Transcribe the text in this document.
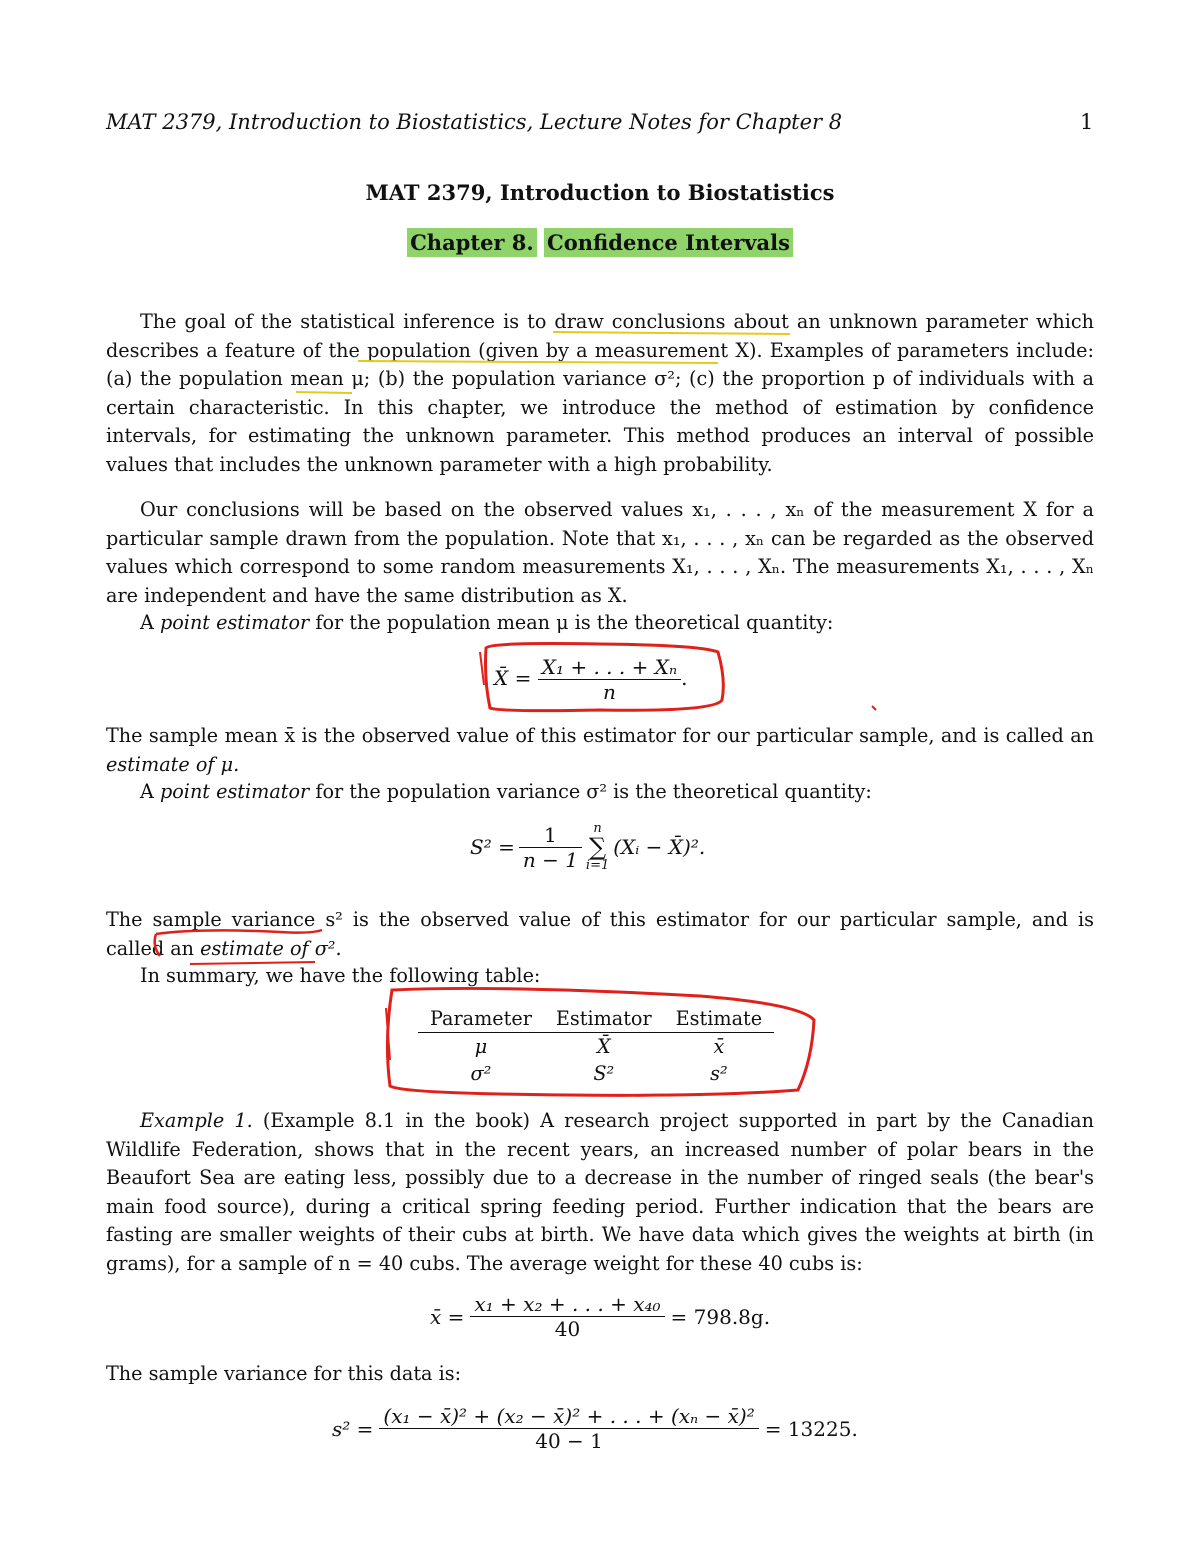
MAT 2379, Introduction to Biostatistics, Lecture Notes for Chapter 8	1
MAT 2379, Introduction to Biostatistics
Chapter 8. Confidence Intervals

The goal of the statistical inference is to draw conclusions about an unknown parameter which describes a feature of the population (given by a measurement X). Examples of parameters include: (a) the population mean μ; (b) the population variance σ²; (c) the proportion p of individuals with a certain characteristic. In this chapter, we introduce the method of estimation by confidence intervals, for estimating the unknown parameter. This method produces an interval of possible values that includes the unknown parameter with a high probability.

Our conclusions will be based on the observed values x₁, . . . , xₙ of the measurement X for a particular sample drawn from the population. Note that x₁, . . . , xₙ can be regarded as the observed values which correspond to some random measurements X₁, . . . , Xₙ. The measurements X₁, . . . , Xₙ are independent and have the same distribution as X.

A point estimator for the population mean μ is the theoretical quantity:
X̄ = $\frac{\text{X₁ + . . . + Xₙ}}{n}$ .

The sample mean x̄ is the observed value of this estimator for our particular sample, and is called an estimate of μ.

A point estimator for the population variance σ² is the theoretical quantity:
$S^2 = \frac{1}{n - 1}$ n
∑
i=1
(Xᵢ − X̄)².

The sample variance s² is the observed value of this estimator for our particular sample, and is called an estimate of σ².

In summary, we have the following table:
Parameter	Estimator	Estimate
μ	X̄	x̄
σ²	S²	s²

Example 1. (Example 8.1 in the book) A research project supported in part by the Canadian Wildlife Federation, shows that in the recent years, an increased number of polar bears in the Beaufort Sea are eating less, possibly due to a decrease in the number of ringed seals (the bear's main food source), during a critical spring feeding period. Further indication that the bears are fasting are smaller weights of their cubs at birth. We have data which gives the weights at birth (in grams), for a sample of n = 40 cubs. The average weight for these 40 cubs is:

x̄ = $\frac{\text{x₁ + x₂ + . . . + x₄₀}}{40} = 798.8g$.
The sample variance for this data is:
$s^2 = \frac{\text{(x₁ − x̄)² + (x₂ − x̄)² + . . . + (xₙ − x̄)²}}{40 - 1} = 13225$.
